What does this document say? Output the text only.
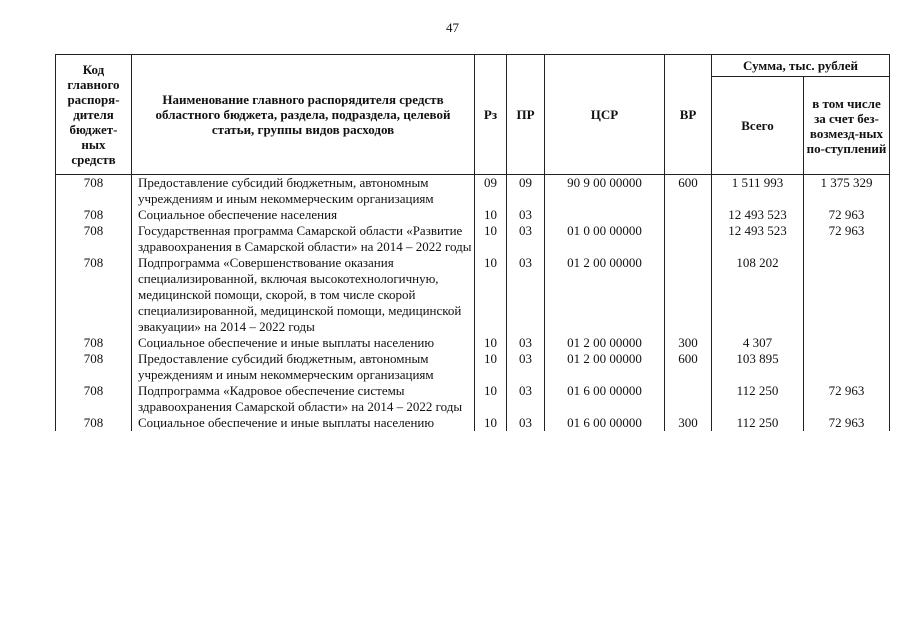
47
Код главного распоря-дителя бюджет-ных средств	Наименование главного распорядителя средств областного бюджета, раздела, подраздела, целевой статьи, группы видов расходов	Рз	ПР	ЦСР	ВР	Сумма, тыс. рублей	
						Всего	в том числе за счет без-возмезд-ных по-ступлений
708	Предоставление субсидий бюджетным, автономным учреждениям и иным некоммерческим организациям	09	09	90 9 00 00000	600	1 511 993	1 375 329
708	Социальное обеспечение населения	10	03			12 493 523	72 963
708	Государственная программа Самарской области «Развитие здравоохранения в Самарской области» на 2014 – 2022 годы	10	03	01 0 00 00000		12 493 523	72 963
708	Подпрограмма «Совершенствование оказания специализированной, включая высокотехнологичную, медицинской помощи, скорой, в том числе скорой специализированной, медицинской помощи, медицинской эвакуации» на 2014 – 2022 годы	10	03	01 2 00 00000		108 202	
708	Социальное обеспечение и иные выплаты населению	10	03	01 2 00 00000	300	4 307	
708	Предоставление субсидий бюджетным, автономным учреждениям и иным некоммерческим организациям	10	03	01 2 00 00000	600	103 895	
708	Подпрограмма «Кадровое обеспечение системы здравоохранения Самарской области» на 2014 – 2022 годы	10	03	01 6 00 00000		112 250	72 963
708	Социальное обеспечение и иные выплаты населению	10	03	01 6 00 00000	300	112 250	72 963
